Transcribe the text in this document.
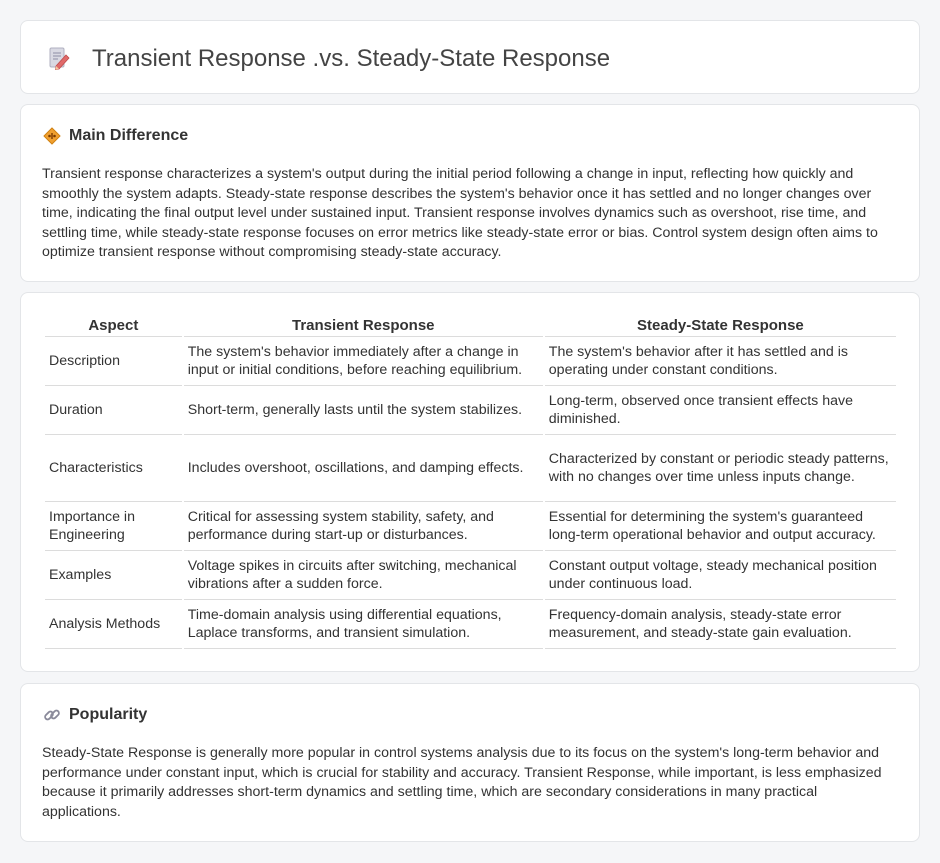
Transient Response .vs. Steady-State Response
Main Difference

Transient response characterizes a system's output during the initial period following a change in input, reflecting how quickly and smoothly the system adapts. Steady-state response describes the system's behavior once it has settled and no longer changes over time, indicating the final output level under sustained input. Transient response involves dynamics such as overshoot, rise time, and settling time, while steady-state response focuses on error metrics like steady-state error or bias. Control system design often aims to optimize transient response without compromising steady-state accuracy.

Aspect	Transient Response	Steady-State Response
Description	The system's behavior immediately after a change in input or initial conditions, before reaching equilibrium.	The system's behavior after it has settled and is operating under constant conditions.
Duration	Short-term, generally lasts until the system stabilizes.	Long-term, observed once transient effects have diminished.
Characteristics	Includes overshoot, oscillations, and damping effects.	Characterized by constant or periodic steady patterns, with no changes over time unless inputs change.
Importance in Engineering	Critical for assessing system stability, safety, and performance during start-up or disturbances.	Essential for determining the system's guaranteed long-term operational behavior and output accuracy.
Examples	Voltage spikes in circuits after switching, mechanical vibrations after a sudden force.	Constant output voltage, steady mechanical position under continuous load.
Analysis Methods	Time-domain analysis using differential equations, Laplace transforms, and transient simulation.	Frequency-domain analysis, steady-state error measurement, and steady-state gain evaluation.
Popularity

Steady-State Response is generally more popular in control systems analysis due to its focus on the system's long-term behavior and performance under constant input, which is crucial for stability and accuracy. Transient Response, while important, is less emphasized because it primarily addresses short-term dynamics and settling time, which are secondary considerations in many practical applications.
